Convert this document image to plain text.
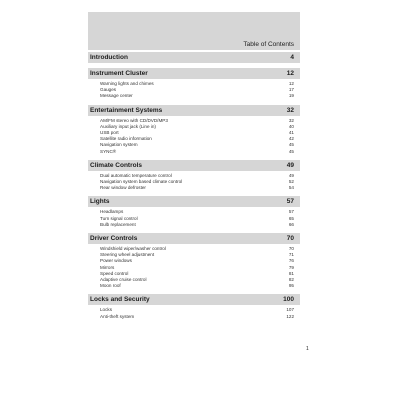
Table of Contents
Introduction	4
Instrument Cluster	12
Warning lights and chimes	12
Gauges	17
Message center	19
Entertainment Systems	32
AM/FM stereo with CD/DVD/MP3	32
Auxiliary input jack (Line in)	40
USB port	41
Satellite radio information	42
Navigation system	45
SYNC®	45
Climate Controls	49
Dual automatic temperature control	49
Navigation system based climate control	52
Rear window defroster	54
Lights	57
Headlamps	57
Turn signal control	65
Bulb replacement	66
Driver Controls	70
Windshield wiper/washer control	70
Steering wheel adjustment	71
Power windows	76
Mirrors	79
Speed control	81
Adaptive cruise control	82
Moon roof	95
Locks and Security	100
Locks	107
Anti-theft system	122
1
